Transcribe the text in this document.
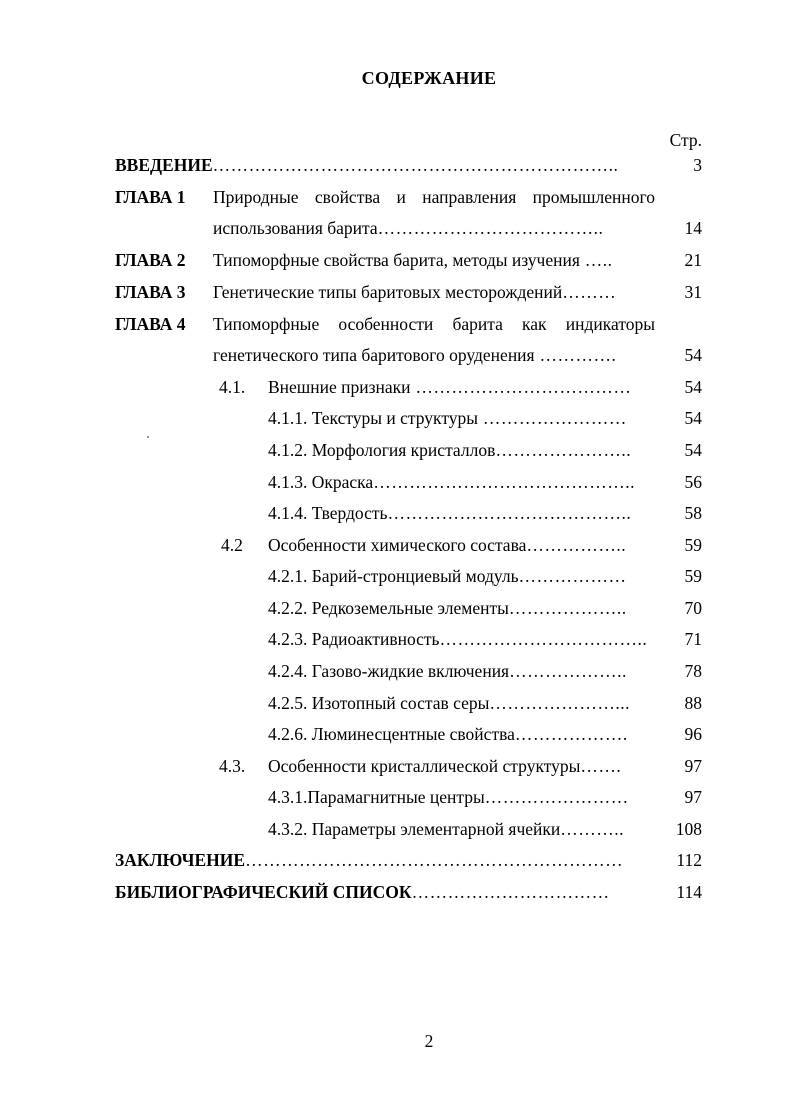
СОДЕРЖАНИЕ
Стр.
ВВЕДЕНИЕ…………………………………………………………..	3
ГЛАВА 1 Природные свойства и направления промышленного
использования барита………………………………..	14
ГЛАВА 2 Типоморфные свойства барита, методы изучения …..	21
ГЛАВА 3 Генетические типы баритовых месторождений………	31
ГЛАВА 4 Типоморфные особенности барита как индикаторы
генетического типа баритового оруденения ………….	54
4.1. Внешние признаки ………………………………	54
4.1.1. Текстуры и структуры ……………………	54
4.1.2. Морфология кристаллов…………………..	54
4.1.3. Окраска……………………………………..	56
4.1.4. Твердость…………………………………..	58
4.2 Особенности химического состава……………..	59
4.2.1. Барий-стронциевый модуль………………	59
4.2.2. Редкоземельные элементы………………..	70
4.2.3. Радиоактивность……………………………..	71
4.2.4. Газово-жидкие включения………………..	78
4.2.5. Изотопный состав серы…………………...	88
4.2.6. Люминесцентные свойства……………….	96
4.3. Особенности кристаллической структуры…….	97
4.3.1.Парамагнитные центры……………………	97
4.3.2. Параметры элементарной ячейки………..	108
ЗАКЛЮЧЕНИЕ………………………………………………………	112
БИБЛИОГРАФИЧЕСКИЙ СПИСОК……………………………	114
2
